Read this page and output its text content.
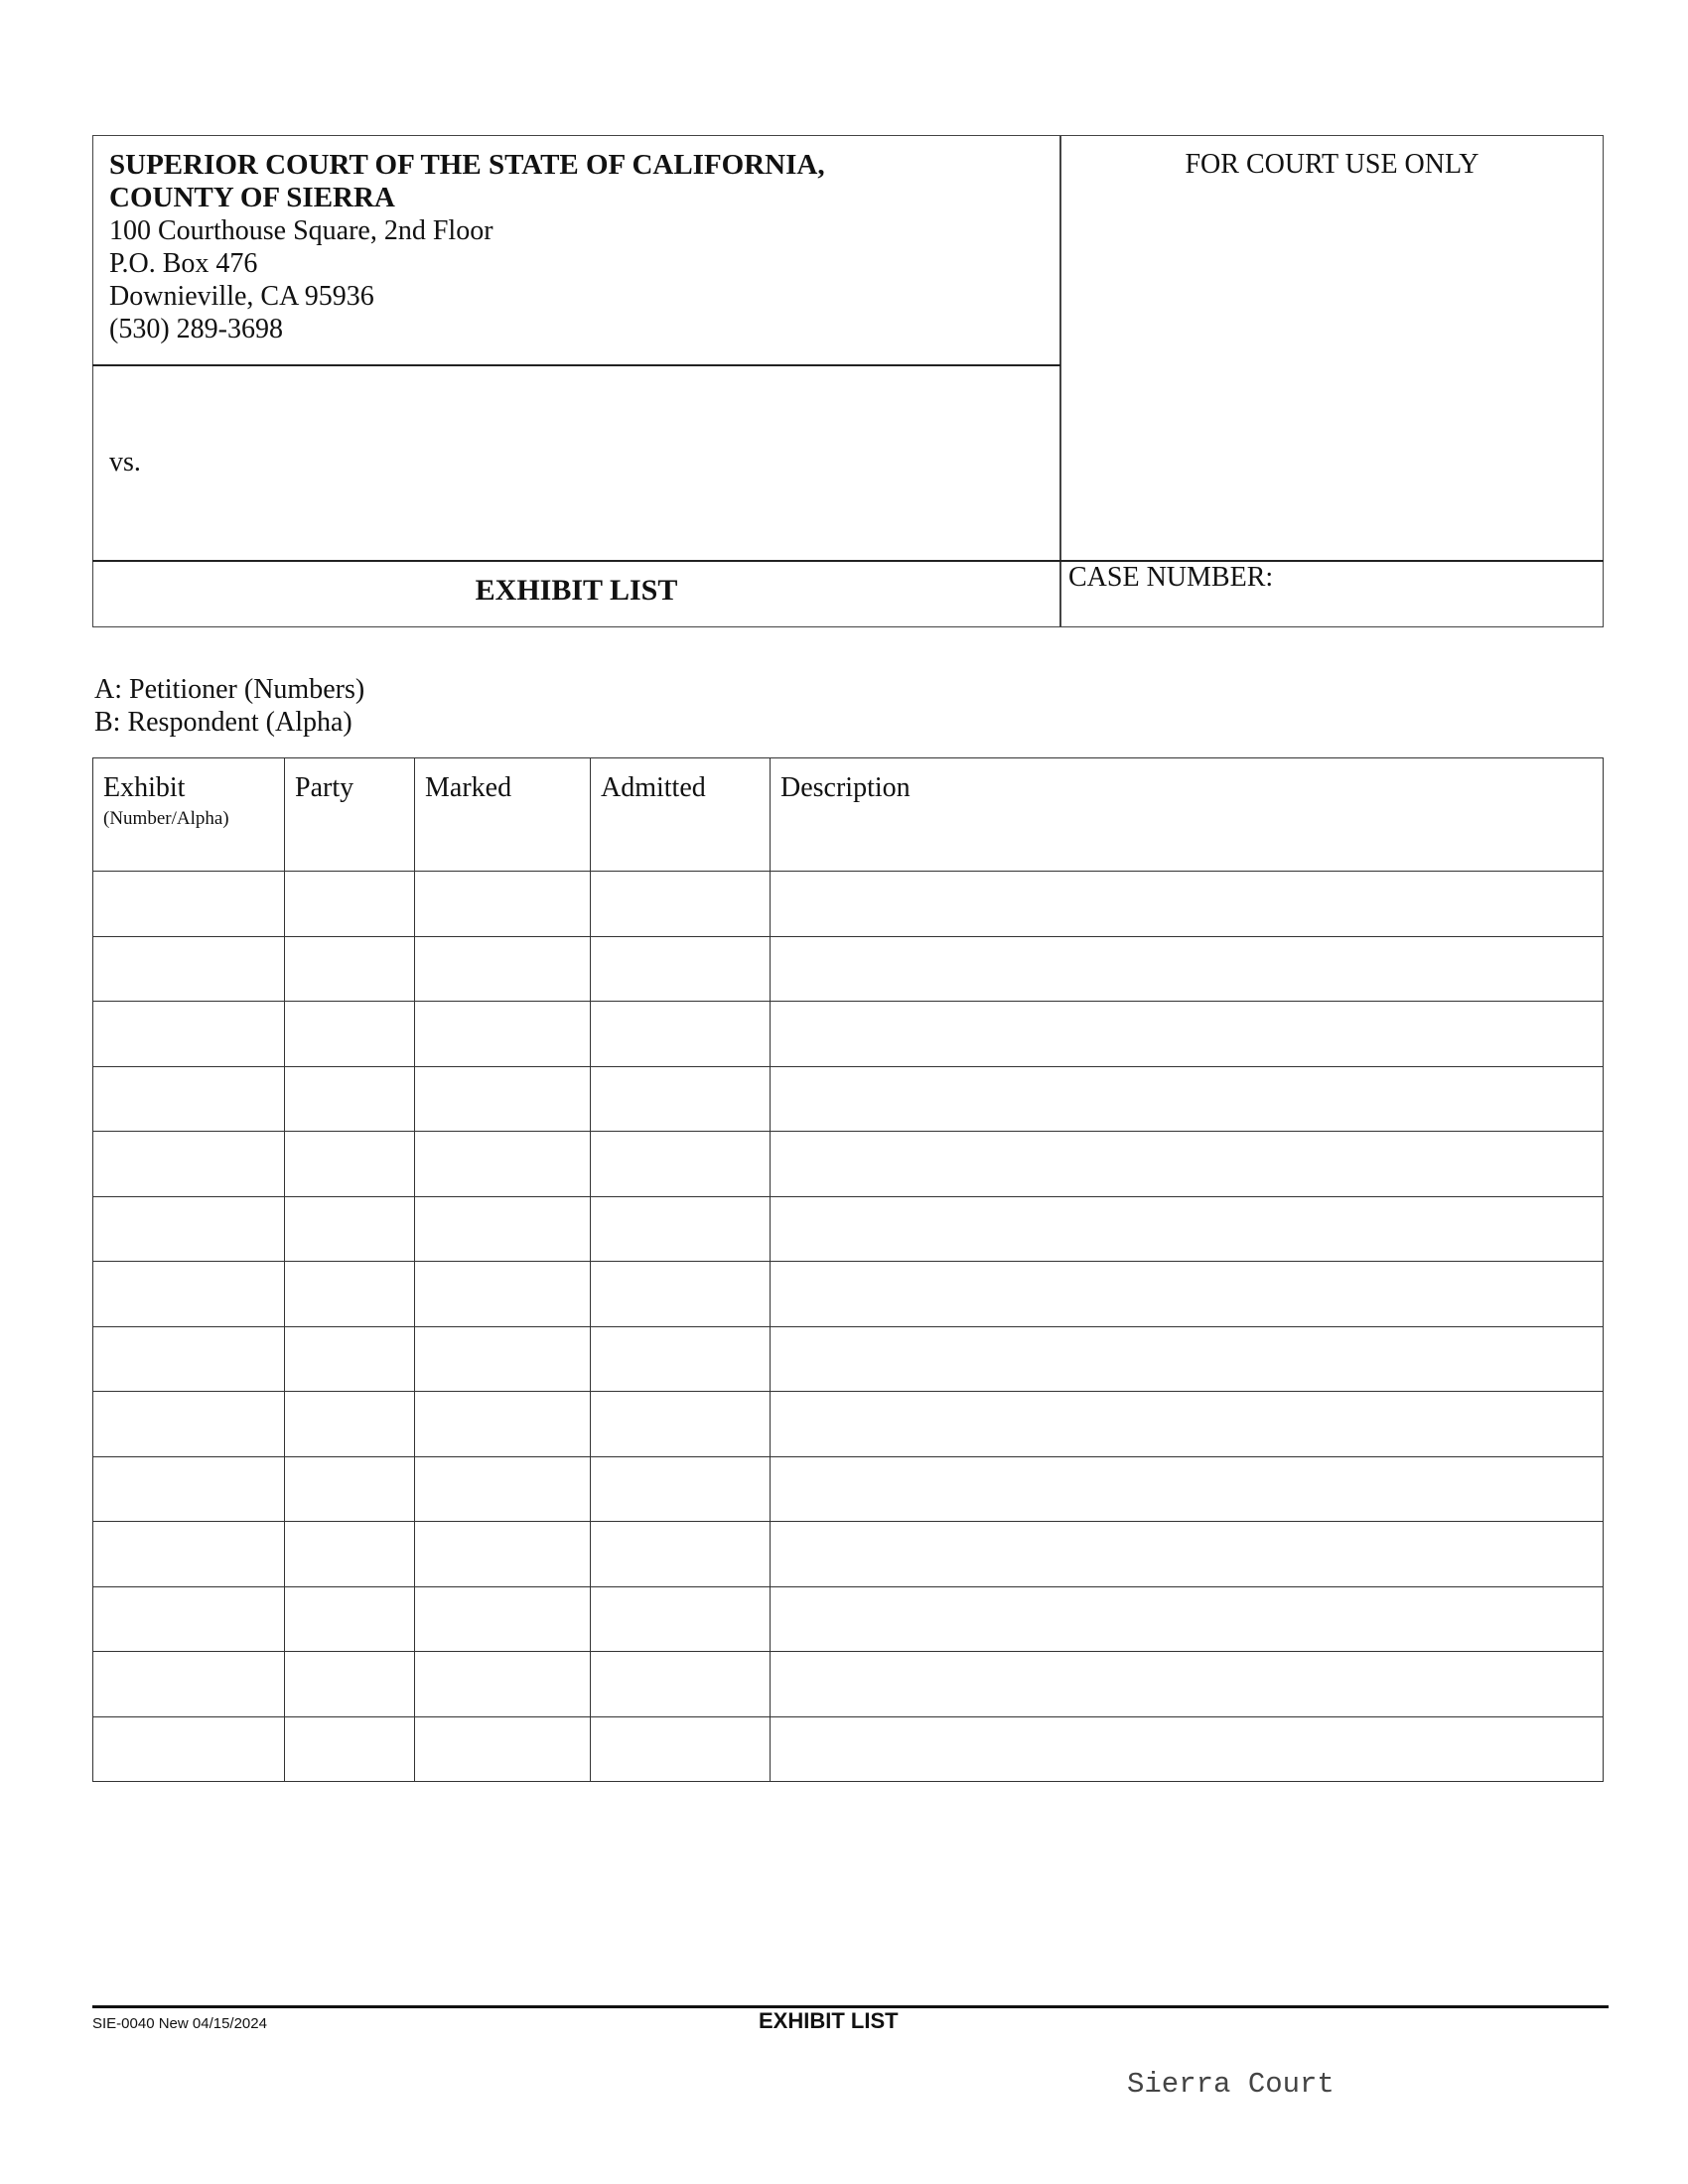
SUPERIOR COURT OF THE STATE OF CALIFORNIA,
COUNTY OF SIERRA
100 Courthouse Square, 2nd Floor
P.O. Box 476
Downieville, CA 95936
(530) 289-3698
FOR COURT USE ONLY
vs.
EXHIBIT LIST	CASE NUMBER:
A: Petitioner (Numbers)
B: Respondent (Alpha)
Exhibit
(Number/Alpha)	Party	Marked	Admitted	Description

SIE-0040 New 04/15/2024	EXHIBIT LIST
Sierra Court
